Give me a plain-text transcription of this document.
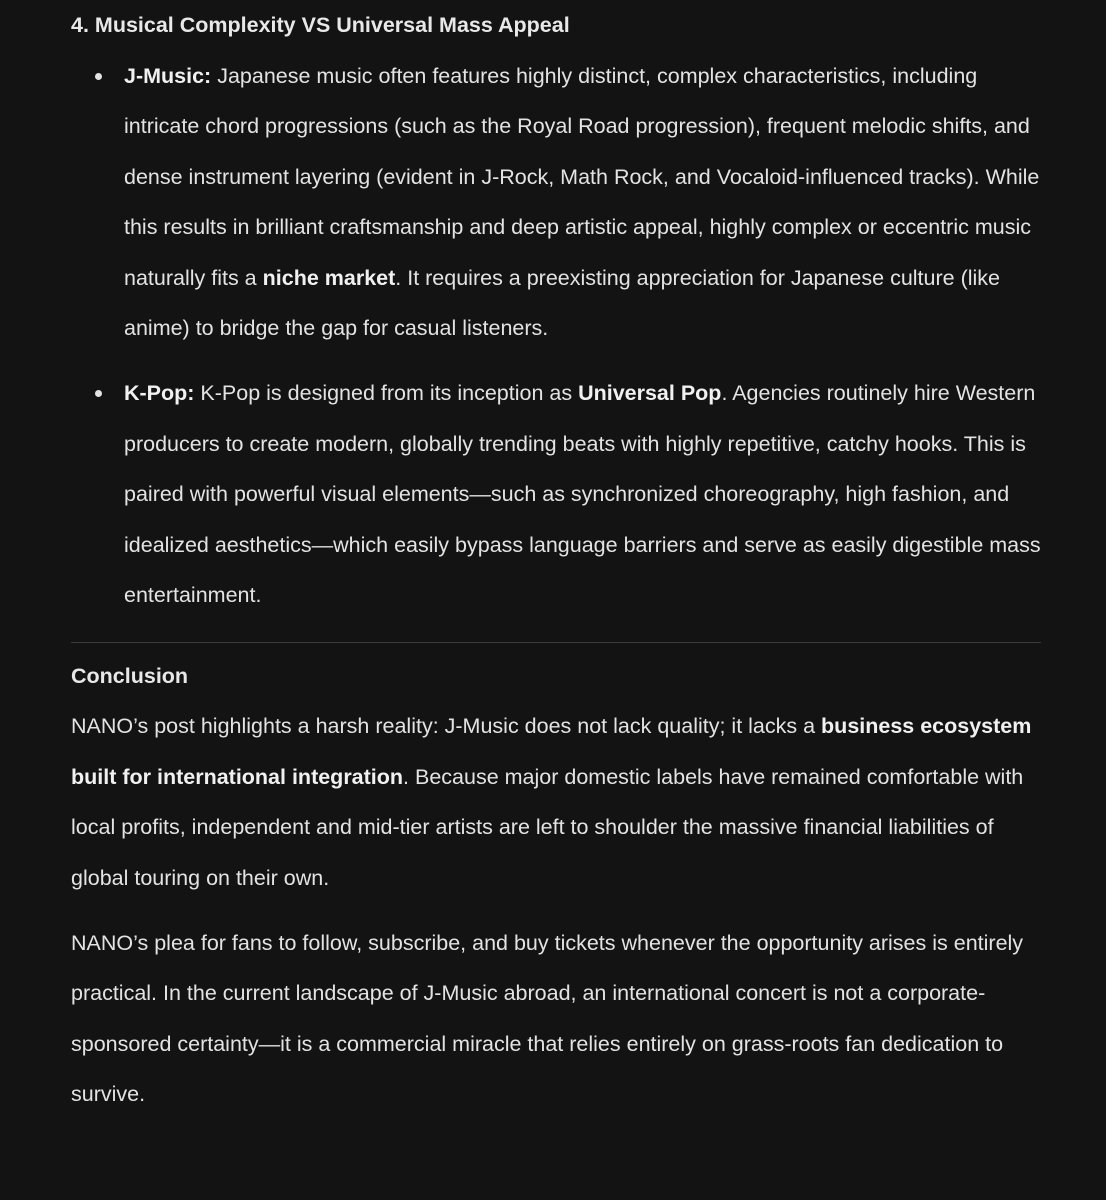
4. Musical Complexity VS Universal Mass Appeal
J-Music: Japanese music often features highly distinct, complex characteristics, including intricate chord progressions (such as the Royal Road progression), frequent melodic shifts, and dense instrument layering (evident in J-Rock, Math Rock, and Vocaloid-influenced tracks). While this results in brilliant craftsmanship and deep artistic appeal, highly complex or eccentric music naturally fits a niche market. It requires a preexisting appreciation for Japanese culture (like anime) to bridge the gap for casual listeners.
K-Pop: K-Pop is designed from its inception as Universal Pop. Agencies routinely hire Western producers to create modern, globally trending beats with highly repetitive, catchy hooks. This is paired with powerful visual elements—such as synchronized choreography, high fashion, and idealized aesthetics—which easily bypass language barriers and serve as easily digestible mass entertainment.
Conclusion

NANO’s post highlights a harsh reality: J-Music does not lack quality; it lacks a business ecosystem built for international integration. Because major domestic labels have remained comfortable with local profits, independent and mid-tier artists are left to shoulder the massive financial liabilities of global touring on their own.

NANO’s plea for fans to follow, subscribe, and buy tickets whenever the opportunity arises is entirely practical. In the current landscape of J-Music abroad, an international concert is not a corporate-sponsored certainty—it is a commercial miracle that relies entirely on grass-roots fan dedication to survive.
